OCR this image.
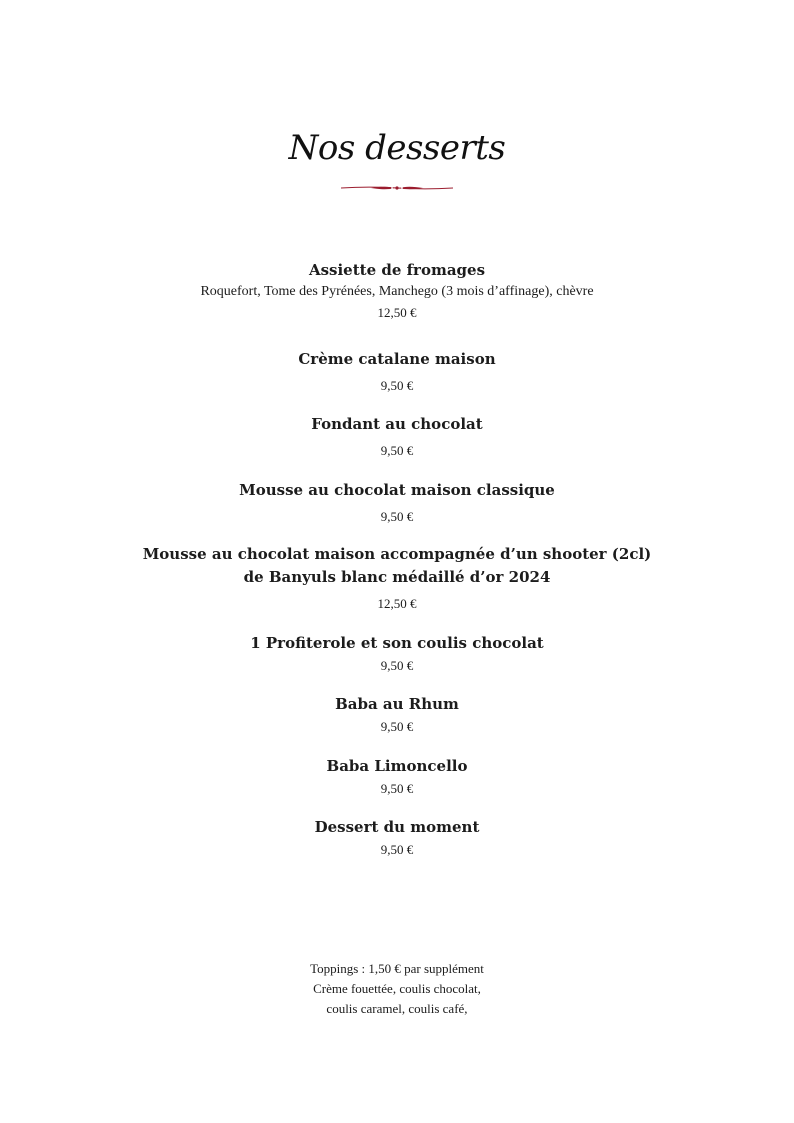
Nos desserts
Assiette de fromages
Roquefort, Tome des Pyrénées, Manchego (3 mois d’affinage), chèvre
12,50 €
Crème catalane maison
9,50 €
Fondant au chocolat
9,50 €
Mousse au chocolat maison classique
9,50 €
Mousse au chocolat maison accompagnée d’un shooter (2cl)
de Banyuls blanc médaillé d’or 2024
12,50 €
1 Profiterole et son coulis chocolat
9,50 €
Baba au Rhum
9,50 €
Baba Limoncello
9,50 €
Dessert du moment
9,50 €
Toppings : 1,50 € par supplément
Crème fouettée, coulis chocolat,
coulis caramel, coulis café,
